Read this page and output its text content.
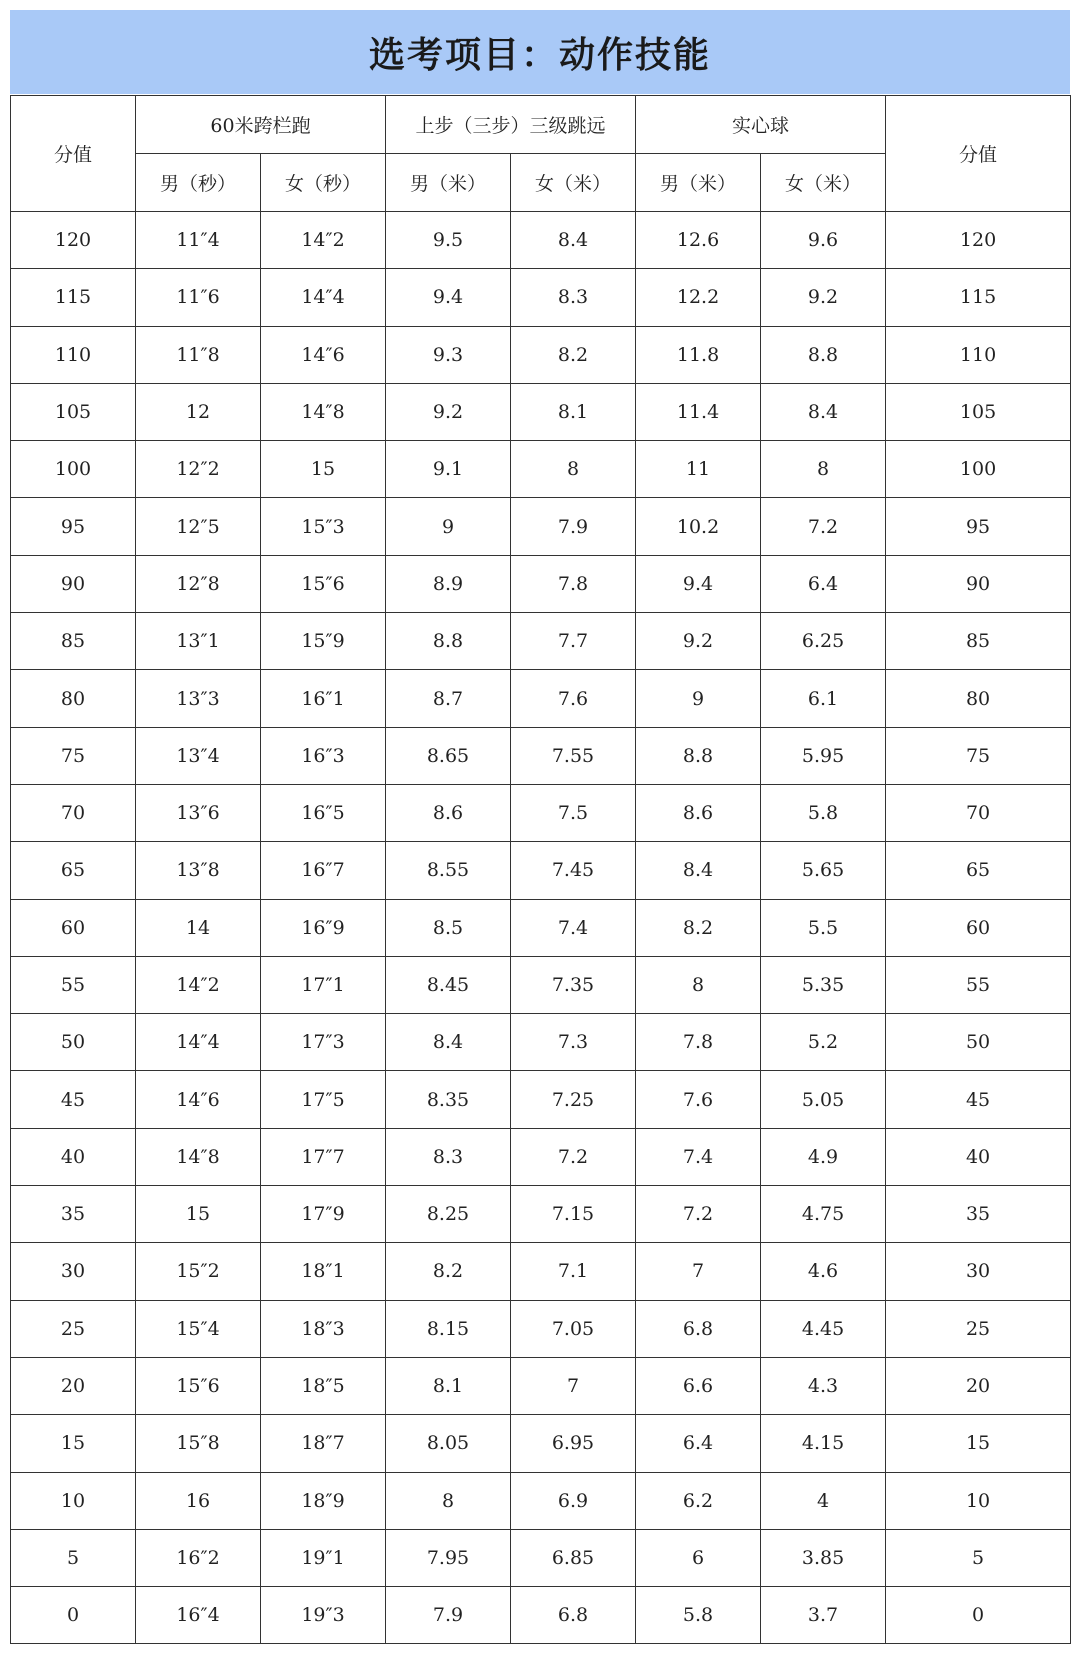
选考项目：动作技能
分值	60米跨栏跑		上步（三步）三级跳远		实心球		分值
	男（秒）	女（秒）	男（米）	女（米）	男（米）	女（米）	
120	11″4	14″2	9.5	8.4	12.6	9.6	120
115	11″6	14″4	9.4	8.3	12.2	9.2	115
110	11″8	14″6	9.3	8.2	11.8	8.8	110
105	12	14″8	9.2	8.1	11.4	8.4	105
100	12″2	15	9.1	8	11	8	100
95	12″5	15″3	9	7.9	10.2	7.2	95
90	12″8	15″6	8.9	7.8	9.4	6.4	90
85	13″1	15″9	8.8	7.7	9.2	6.25	85
80	13″3	16″1	8.7	7.6	9	6.1	80
75	13″4	16″3	8.65	7.55	8.8	5.95	75
70	13″6	16″5	8.6	7.5	8.6	5.8	70
65	13″8	16″7	8.55	7.45	8.4	5.65	65
60	14	16″9	8.5	7.4	8.2	5.5	60
55	14″2	17″1	8.45	7.35	8	5.35	55
50	14″4	17″3	8.4	7.3	7.8	5.2	50
45	14″6	17″5	8.35	7.25	7.6	5.05	45
40	14″8	17″7	8.3	7.2	7.4	4.9	40
35	15	17″9	8.25	7.15	7.2	4.75	35
30	15″2	18″1	8.2	7.1	7	4.6	30
25	15″4	18″3	8.15	7.05	6.8	4.45	25
20	15″6	18″5	8.1	7	6.6	4.3	20
15	15″8	18″7	8.05	6.95	6.4	4.15	15
10	16	18″9	8	6.9	6.2	4	10
5	16″2	19″1	7.95	6.85	6	3.85	5
0	16″4	19″3	7.9	6.8	5.8	3.7	0
